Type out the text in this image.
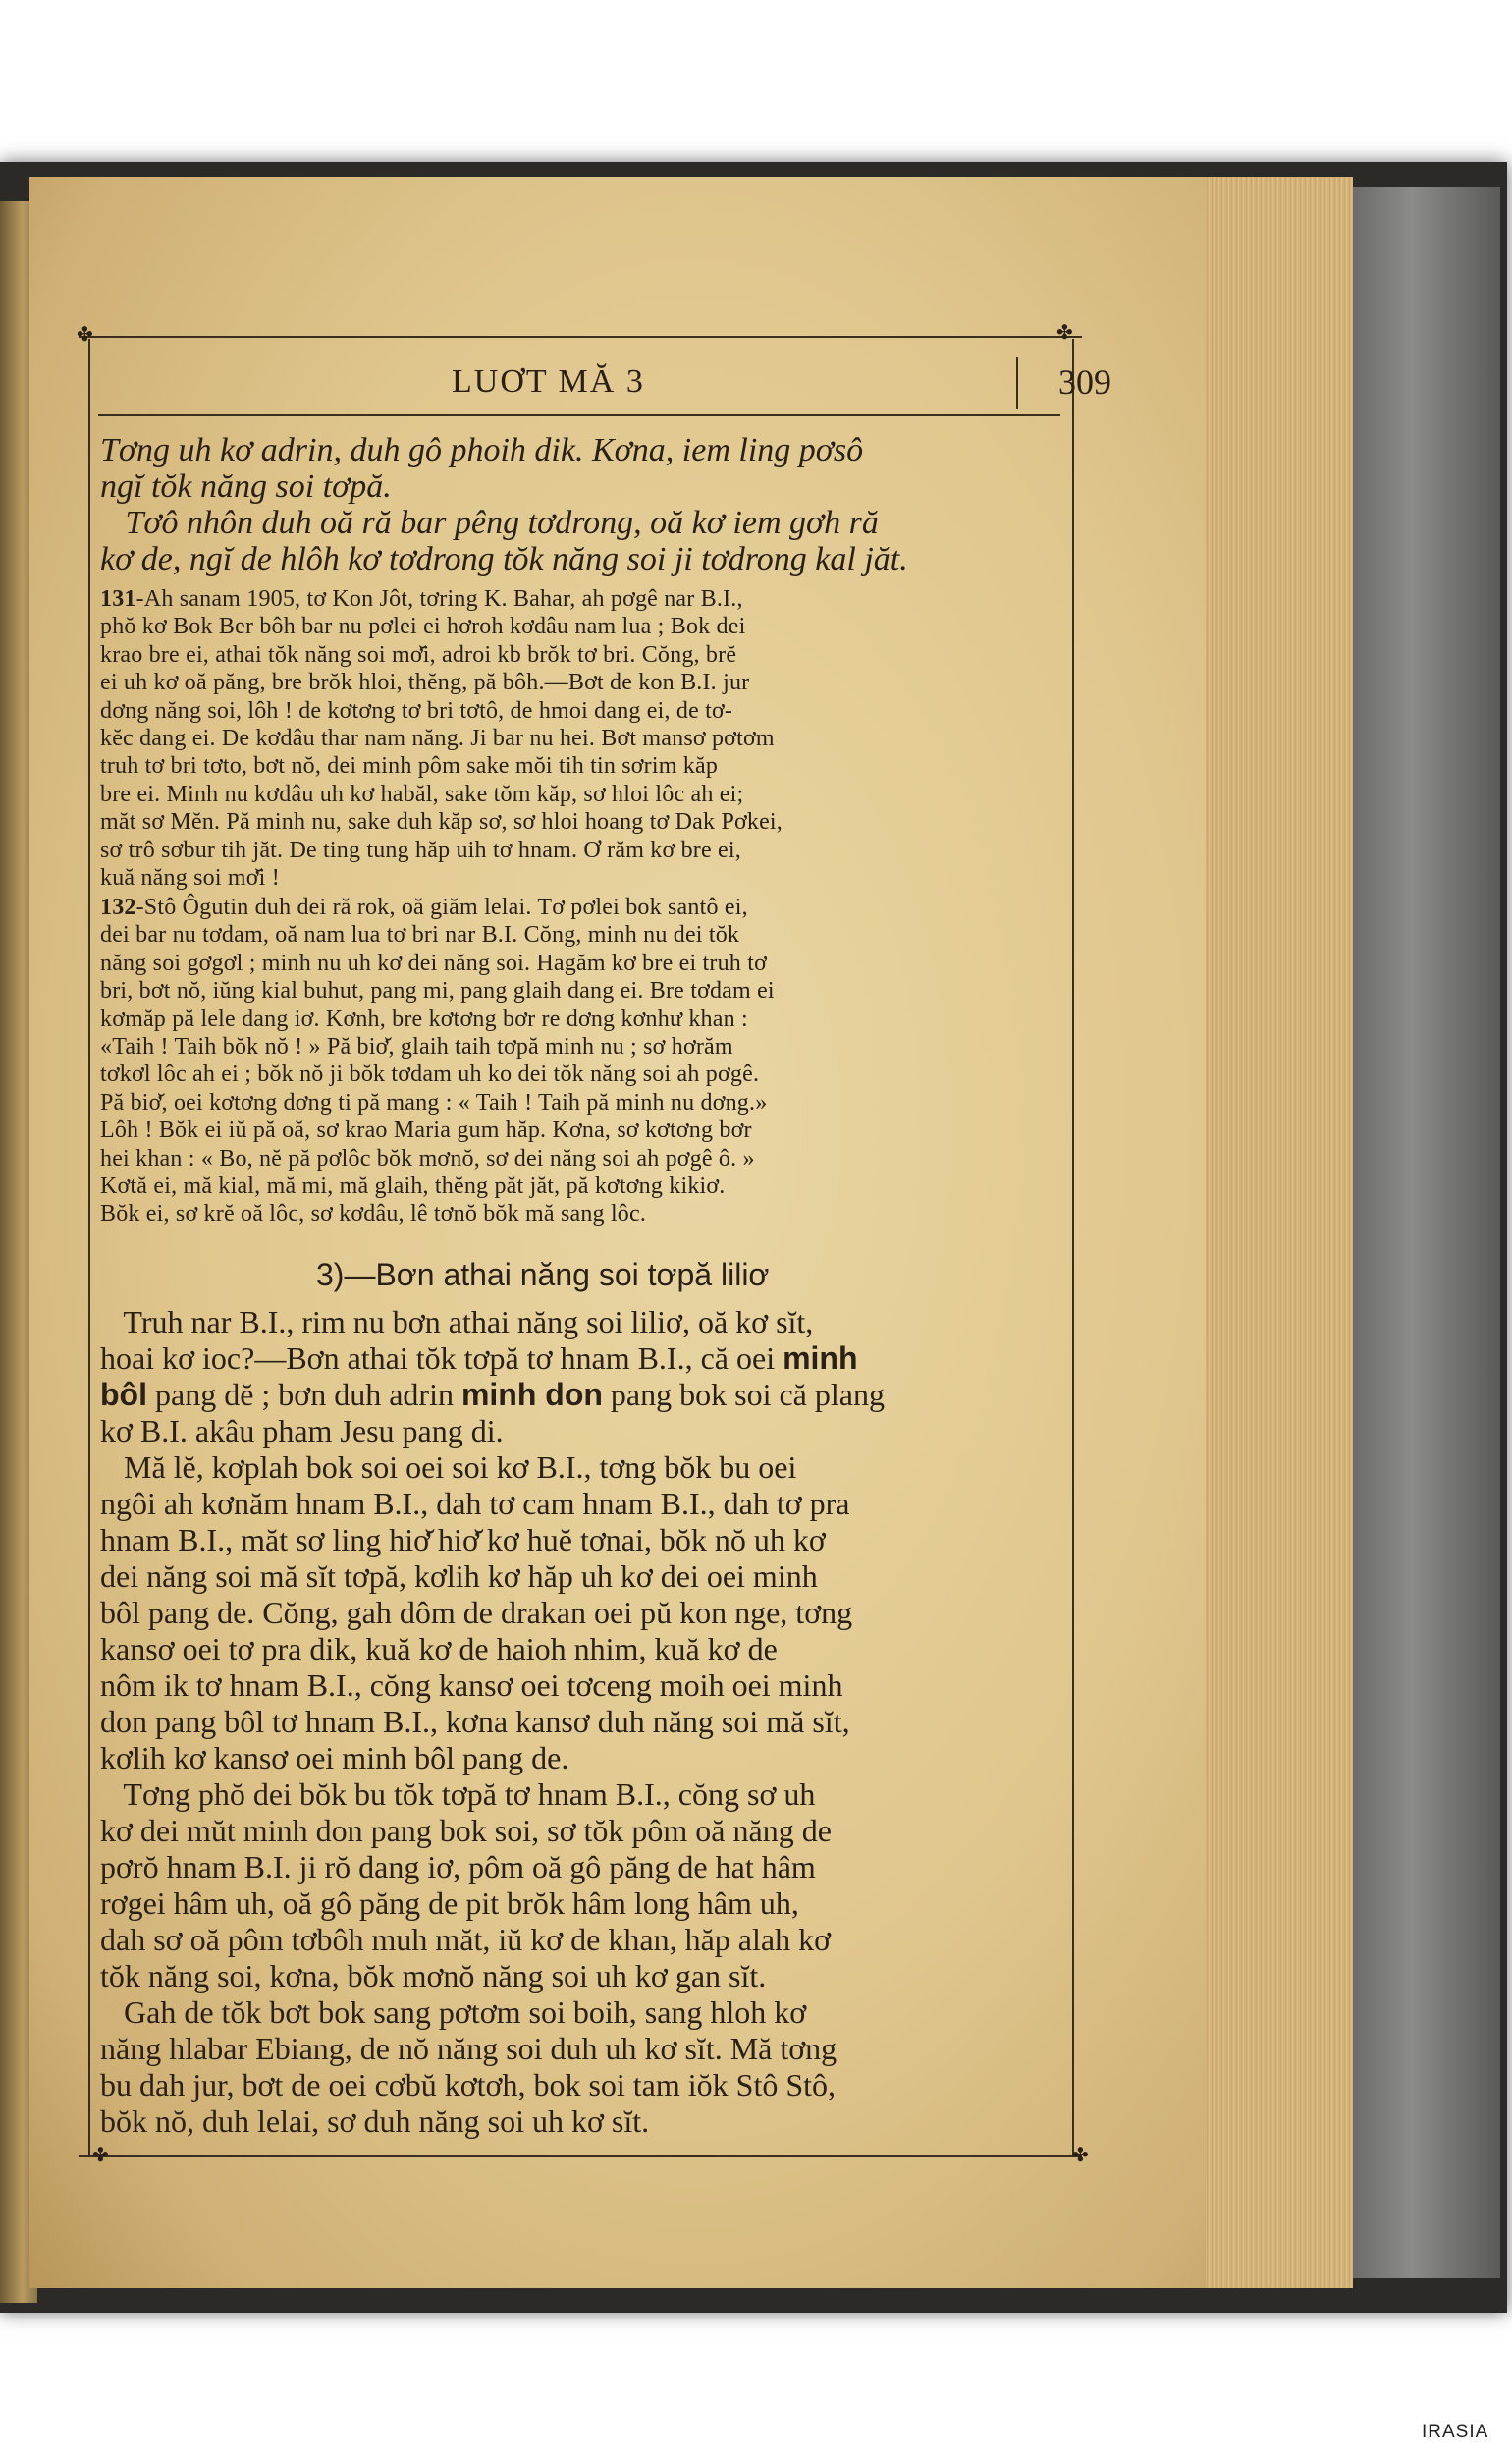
✤	✤
✤	✤
LUƠT MĂ 3	309
Tơng uh kơ adrin, duh gô phoih dik. Kơna, iem ling pơsô
ngĭ tŏk năng soi tơpă.
Tơô nhôn duh oă ră bar pêng tơdrong, oă kơ iem gơh ră
kơ de, ngĭ de hlôh kơ tơdrong tŏk năng soi ji tơdrong kal jăt.
131-Ah sanam 1905, tơ Kon Jôt, tơring K. Bahar, ah pơgê nar B.I.,
phŏ kơ Bok Ber bôh bar nu pơlei ei hơroh kơdâu nam lua ; Bok dei
krao bre ei, athai tŏk năng soi mơ̆i, adroi kb brŏk tơ bri. Cŏng, brĕ
ei uh kơ oă păng, bre brŏk hloi, thĕng, pă bôh.—Bơt de kon B.I. jur
dơng năng soi, lôh ! de kơtơng tơ bri tơtô, de hmoi dang ei, de tơ-
kĕc dang ei. De kơdâu thar nam năng. Ji bar nu hei. Bơt mansơ pơtơm
truh tơ bri tơto, bơt nŏ, dei minh pôm sake mŏi tih tin sơrim kăp
bre ei. Minh nu kơdâu uh kơ habăl, sake tŏm kăp, sơ hloi lôc ah ei;
măt sơ Mĕn. Pă minh nu, sake duh kăp sơ, sơ hloi hoang tơ Dak Pơkei,
sơ trô sơbur tih jăt. De ting tung hăp uih tơ hnam. Ơ răm kơ bre ei,
kuă năng soi mơ̆i !
132-Stô Ôgutin duh dei ră rok, oă giăm lelai. Tơ pơlei bok santô ei,
dei bar nu tơdam, oă nam lua tơ bri nar B.I. Cŏng, minh nu dei tŏk
năng soi gơgơl ; minh nu uh kơ dei năng soi. Hagăm kơ bre ei truh tơ
bri, bơt nŏ, iŭng kial buhut, pang mi, pang glaih dang ei. Bre tơdam ei
kơmăp pă lele dang iơ. Kơnh, bre kơtơng bơr re dơng kơnhư khan :
«Taih ! Taih bŏk nŏ ! » Pă biơ̆, glaih taih tơpă minh nu ; sơ hơrăm
tơkơl lôc ah ei ; bŏk nŏ ji bŏk tơdam uh ko dei tŏk năng soi ah pơgê.
Pă biơ̆, oei kơtơng dơng ti pă mang : « Taih ! Taih pă minh nu dơng.»
Lôh ! Bŏk ei iŭ pă oă, sơ krao Maria gum hăp. Kơna, sơ kơtơng bơr
hei khan : « Bo, nĕ pă pơlôc bŏk mơnŏ, sơ dei năng soi ah pơgê ô. »
Kơtă ei, mă kial, mă mi, mă glaih, thĕng păt jăt, pă kơtơng kikiơ.
Bŏk ei, sơ krĕ oă lôc, sơ kơdâu, lê tơnŏ bŏk mă sang lôc.
3)—Bơn athai năng soi tơpă liliơ
Truh nar B.I., rim nu bơn athai năng soi liliơ, oă kơ sĭt,
hoai kơ ioc?—Bơn athai tŏk tơpă tơ hnam B.I., că oei minh
bôl pang dĕ ; bơn duh adrin minh don pang bok soi că plang
kơ B.I. akâu pham Jesu pang di.
Mă lĕ, kơplah bok soi oei soi kơ B.I., tơng bŏk bu oei
ngôi ah kơnăm hnam B.I., dah tơ cam hnam B.I., dah tơ pra
hnam B.I., măt sơ ling hiơ̆ hiơ̆ kơ huĕ tơnai, bŏk nŏ uh kơ
dei năng soi mă sĭt tơpă, kơlih kơ hăp uh kơ dei oei minh
bôl pang de. Cŏng, gah dôm de drakan oei pŭ kon nge, tơng
kansơ oei tơ pra dik, kuă kơ de haioh nhim, kuă kơ de
nôm ik tơ hnam B.I., cŏng kansơ oei tơceng moih oei minh
don pang bôl tơ hnam B.I., kơna kansơ duh năng soi mă sĭt,
kơlih kơ kansơ oei minh bôl pang de.
Tơng phŏ dei bŏk bu tŏk tơpă tơ hnam B.I., cŏng sơ uh
kơ dei mŭt minh don pang bok soi, sơ tŏk pôm oă năng de
pơrŏ hnam B.I. ji rŏ dang iơ, pôm oă gô păng de hat hâm
rơgei hâm uh, oă gô păng de pit brŏk hâm long hâm uh,
dah sơ oă pôm tơbôh muh măt, iŭ kơ de khan, hăp alah kơ
tŏk năng soi, kơna, bŏk mơnŏ năng soi uh kơ gan sĭt.
Gah de tŏk bơt bok sang pơtơm soi boih, sang hloh kơ
năng hlabar Ebiang, de nŏ năng soi duh uh kơ sĭt. Mă tơng
bu dah jur, bơt de oei cơbŭ kơtơh, bok soi tam iŏk Stô Stô,
bŏk nŏ, duh lelai, sơ duh năng soi uh kơ sĭt.
IRASIA
